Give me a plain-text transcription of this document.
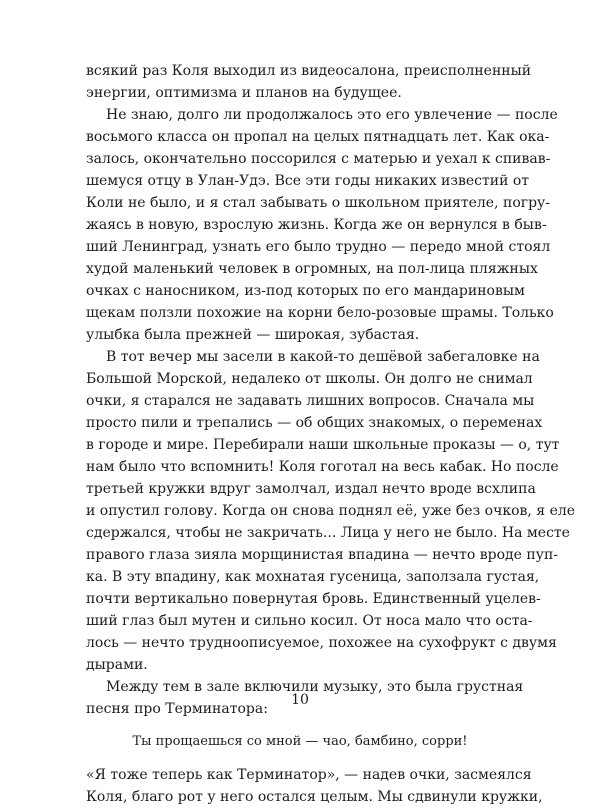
всякий раз Коля выходил из видеосалона, преисполненный
энергии, оптимизма и планов на будущее.
Не знаю, долго ли продолжалось это его увлечение — после
восьмого класса он пропал на целых пятнадцать лет. Как ока-
залось, окончательно поссорился с матерью и уехал к спивав-
шемуся отцу в Улан-Удэ. Все эти годы никаких известий от
Коли не было, и я стал забывать о школьном приятеле, погру-
жаясь в новую, взрослую жизнь. Когда же он вернулся в быв-
ший Ленинград, узнать его было трудно — передо мной стоял
худой маленький человек в огромных, на пол-лица пляжных
очках с наносником, из-под которых по его мандариновым
щекам ползли похожие на корни бело-розовые шрамы. Только
улыбка была прежней — широкая, зубастая.
В тот вечер мы засели в какой-то дешёвой забегаловке на
Большой Морской, недалеко от школы. Он долго не снимал
очки, я старался не задавать лишних вопросов. Сначала мы
просто пили и трепались — об общих знакомых, о переменах
в городе и мире. Перебирали наши школьные проказы — о, тут
нам было что вспомнить! Коля гоготал на весь кабак. Но после
третьей кружки вдруг замолчал, издал нечто вроде всхлипа
и опустил голову. Когда он снова поднял её, уже без очков, я еле
сдержался, чтобы не закричать... Лица у него не было. На месте
правого глаза зияла морщинистая впадина — нечто вроде пуп-
ка. В эту впадину, как мохнатая гусеница, заползала густая,
почти вертикально повернутая бровь. Единственный уцелев-
ший глаз был мутен и сильно косил. От носа мало что оста-
лось — нечто трудноописуемое, похожее на сухофрукт с двумя
дырами.
Между тем в зале включили музыку, это была грустная
песня про Терминатора:
Ты прощаешься со мной — чао, бамбино, сорри!
«Я тоже теперь как Терминатор», — надев очки, засмеялся
Коля, благо рот у него остался целым. Мы сдвинули кружки,
10
